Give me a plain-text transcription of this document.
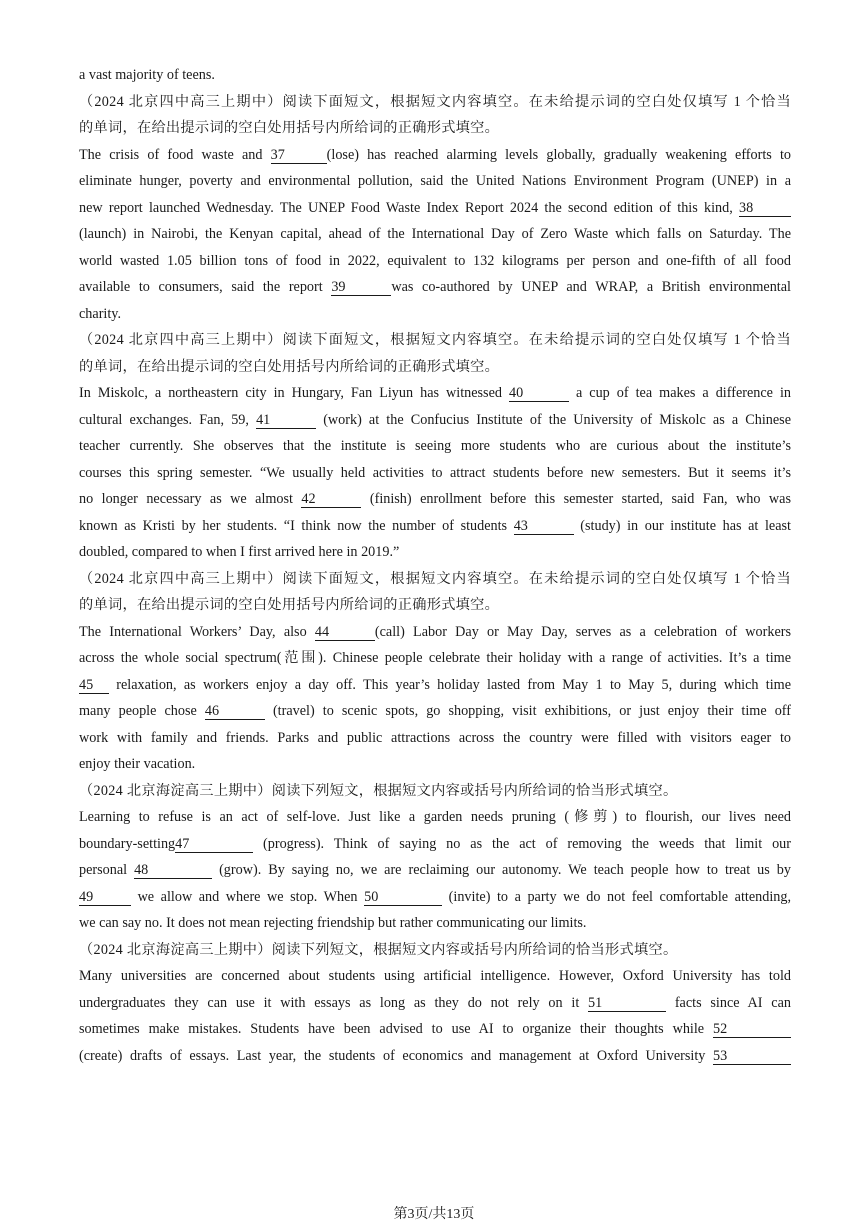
a vast majority of teens.
（2024 北京四中高三上期中）阅读下面短文，根据短文内容填空。在未给提示词的空白处仅填写 1 个恰当
的单词，在给出提示词的空白处用括号内所给词的正确形式填空。
The crisis of food waste and 37	(lose) has reached alarming levels globally, gradually weakening efforts to
eliminate hunger, poverty and environmental pollution, said the United Nations Environment Program (UNEP) in a
new report launched Wednesday. The UNEP Food Waste Index Report 2024 the second edition of this kind, 38
(launch) in Nairobi, the Kenyan capital, ahead of the International Day of Zero Waste which falls on Saturday. The
world wasted 1.05 billion tons of food in 2022, equivalent to 132 kilograms per person and one-fifth of all food
available to consumers, said the report 39	was co-authored by UNEP and WRAP, a British environmental
charity.
（2024 北京四中高三上期中）阅读下面短文，根据短文内容填空。在未给提示词的空白处仅填写 1 个恰当
的单词，在给出提示词的空白处用括号内所给词的正确形式填空。
In Miskolc, a northeastern city in Hungary, Fan Liyun has witnessed 40	a cup of tea makes a difference in
cultural exchanges. Fan, 59, 41	(work) at the Confucius Institute of the University of Miskolc as a Chinese
teacher currently. She observes that the institute is seeing more students who are curious about the institute’s
courses this spring semester. “We usually held activities to attract students before new semesters. But it seems it’s
no longer necessary as we almost 42	(finish) enrollment before this semester started, said Fan, who was
known as Kristi by her students. “I think now the number of students 43	(study) in our institute has at least
doubled, compared to when I first arrived here in 2019.”
（2024 北京四中高三上期中）阅读下面短文，根据短文内容填空。在未给提示词的空白处仅填写 1 个恰当
的单词，在给出提示词的空白处用括号内所给词的正确形式填空。
The International Workers’ Day, also 44	(call) Labor Day or May Day, serves as a celebration of workers
across the whole social spectrum(范围). Chinese people celebrate their holiday with a range of activities. It’s a time
45 relaxation, as workers enjoy a day off. This year’s holiday lasted from May 1 to May 5, during which time
many people chose 46	(travel) to scenic spots, go shopping, visit exhibitions, or just enjoy their time off
work with family and friends. Parks and public attractions across the country were filled with visitors eager to
enjoy their vacation.
（2024 北京海淀高三上期中）阅读下列短文，根据短文内容或括号内所给词的恰当形式填空。
Learning to refuse is an act of self-love. Just like a garden needs pruning (修剪) to flourish, our lives need
boundary-setting47	(progress). Think of saying no as the act of removing the weeds that limit our
personal 48	(grow). By saying no, we are reclaiming our autonomy. We teach people how to treat us by
49	we allow and where we stop. When 50	(invite) to a party we do not feel comfortable attending,
we can say no. It does not mean rejecting friendship but rather communicating our limits.
（2024 北京海淀高三上期中）阅读下列短文，根据短文内容或括号内所给词的恰当形式填空。
Many universities are concerned about students using artificial intelligence. However, Oxford University has told
undergraduates they can use it with essays as long as they do not rely on it 51	facts since AI can
sometimes make mistakes. Students have been advised to use AI to organize their thoughts while 52
(create) drafts of essays. Last year, the students of economics and management at Oxford University 53
第3页/共13页
